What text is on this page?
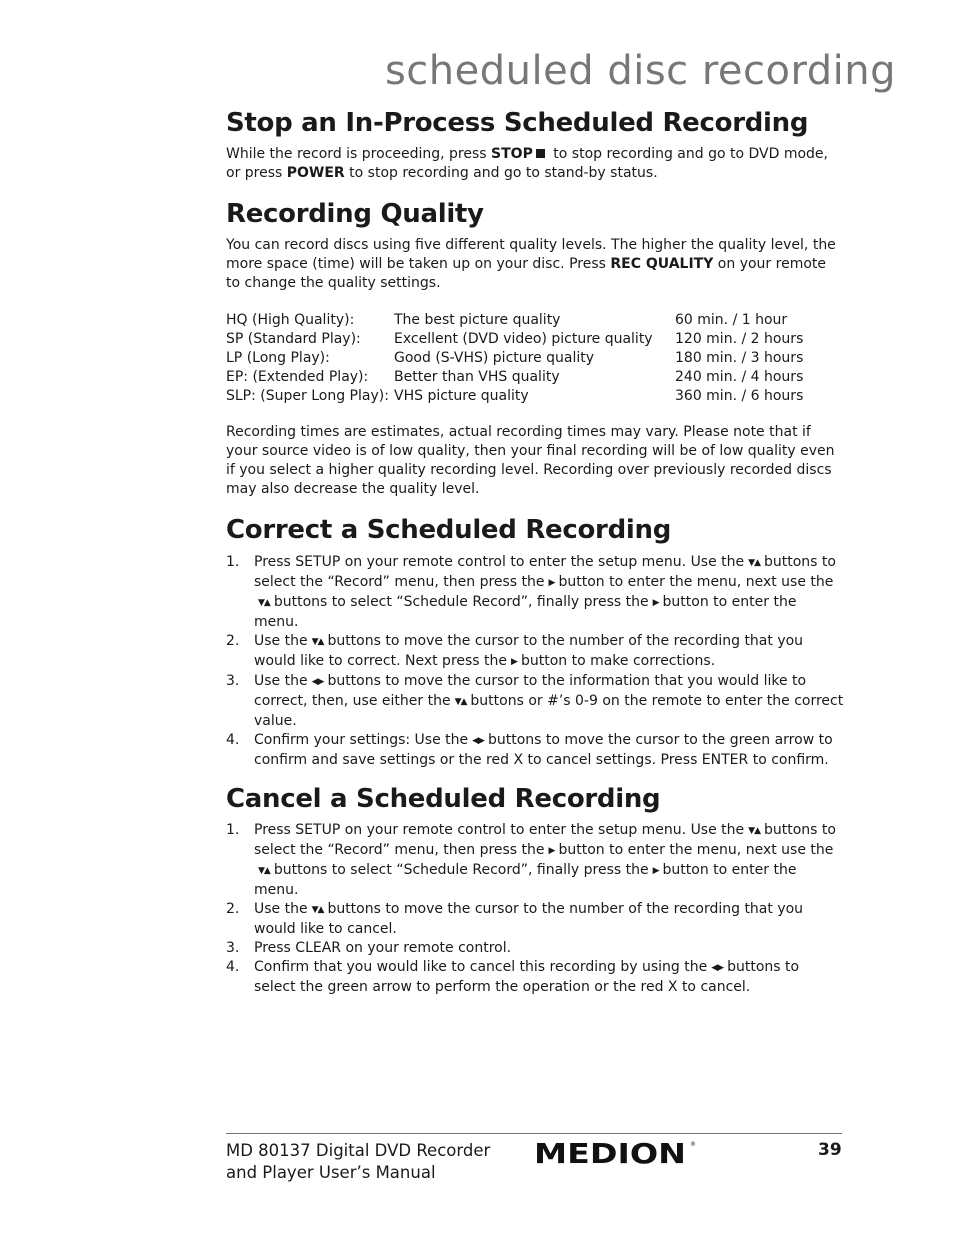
scheduled disc recording
Stop an In-Process Scheduled Recording

While the record is proceeding, press STOP to stop recording and go to DVD mode, or press POWER to stop recording and go to stand-by status.

Recording Quality

You can record discs using five different quality levels. The higher the quality level, the more space (time) will be taken up on your disc. Press REC QUALITY on your remote to change the quality settings.

HQ (High Quality):	The best picture quality	60 min. / 1 hour
SP (Standard Play):	Excellent (DVD video) picture quality	120 min. / 2 hours
LP (Long Play):	Good (S-VHS) picture quality	180 min. / 3 hours
EP: (Extended Play):	Better than VHS quality	240 min. / 4 hours
SLP: (Super Long Play):	VHS picture quality	360 min. / 6 hours

Recording times are estimates, actual recording times may vary. Please note that if your source video is of low quality, then your final recording will be of low quality even if you select a higher quality recording level. Recording over previously recorded discs may also decrease the quality level.

Correct a Scheduled Recording
1.	Press SETUP on your remote control to enter the setup menu. Use the ▼▲ buttons to select the “Record” menu, then press the ▶ button to enter the menu, next use the▼▲ buttons to select “Schedule Record”, finally press the ▶ button to enter the menu.
2.	Use the ▼▲ buttons to move the cursor to the number of the recording that you would like to correct. Next press the ▶ button to make corrections.
3.	Use the ◀▶ buttons to move the cursor to the information that you would like to correct, then, use either the ▼▲ buttons or #’s 0-9 on the remote to enter the correct value.
4.	Confirm your settings: Use the ◀▶ buttons to move the cursor to the green arrow to confirm and save settings or the red X to cancel settings. Press ENTER to confirm.
Cancel a Scheduled Recording
1.	Press SETUP on your remote control to enter the setup menu. Use the ▼▲ buttons to select the “Record” menu, then press the ▶ button to enter the menu, next use the▼▲ buttons to select “Schedule Record”, finally press the ▶ button to enter the menu.
2.	Use the ▼▲ buttons to move the cursor to the number of the recording that you would like to cancel.
3.	Press CLEAR on your remote control.
4.	Confirm that you would like to cancel this recording by using the ◀▶ buttons to select the green arrow to perform the operation or the red X to cancel.

MD 80137 Digital DVD Recorder
and Player User’s Manual

MEDION ®	39
